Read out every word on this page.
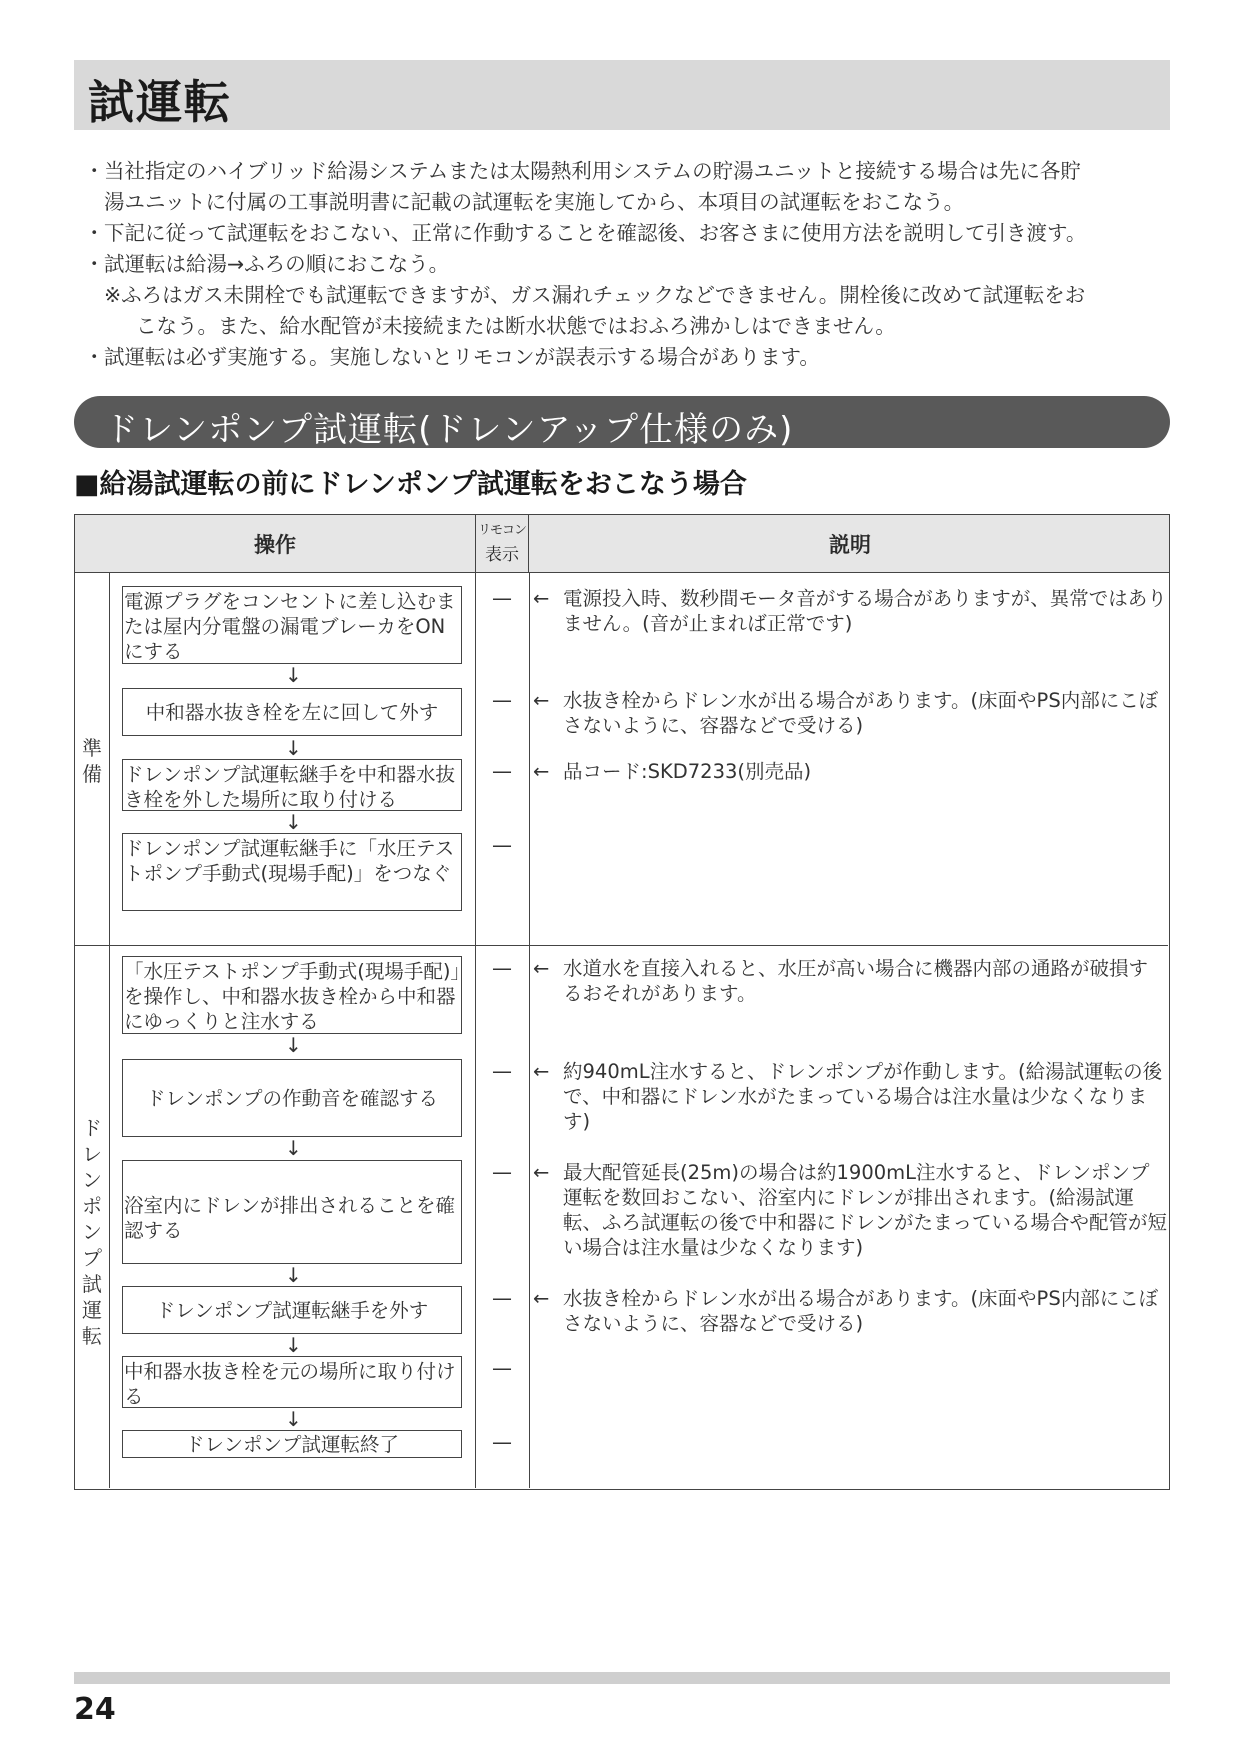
試運転
・ 当社指定のハイブリッド給湯システムまたは太陽熱利用システムの貯湯ユニットと接続する場合は先に各貯
湯ユニットに付属の工事説明書に記載の試運転を実施してから、本項目の試運転をおこなう。
・ 下記に従って試運転をおこない、正常に作動することを確認後、お客さまに使用方法を説明して引き渡す。
・ 試運転は給湯→ふろの順におこなう。
※ふろはガス未開栓でも試運転できますが、ガス漏れチェックなどできません。開栓後に改めて試運転をお
こなう。また、給水配管が未接続または断水状態ではおふろ沸かしはできません。
・ 試運転は必ず実施する。実施しないとリモコンが誤表示する場合があります。
ドレンポンプ試運転(ドレンアップ仕様のみ)
■給湯試運転の前にドレンポンプ試運転をおこなう場合
操作
リモコン
表示	説明
準備
ドレンポンプ試運転
電源プラグをコンセントに差し込むまたは屋内分電盤の漏電ブレーカをONにする
↓
中和器水抜き栓を左に回して外す
↓
ドレンポンプ試運転継手を中和器水抜き栓を外した場所に取り付ける
↓
ドレンポンプ試運転継手に「水圧テストポンプ手動式(現場手配)」をつなぐ
「水圧テストポンプ手動式(現場手配)」を操作し、中和器水抜き栓から中和器にゆっくりと注水する
↓
ドレンポンプの作動音を確認する
↓
浴室内にドレンが排出されることを確認する
↓
ドレンポンプ試運転継手を外す
↓
中和器水抜き栓を元の場所に取り付ける
↓
ドレンポンプ試運転終了
—
—
—
—
—
—
—
—
—
—
← 電源投入時、数秒間モータ音がする場合がありますが、異常ではありません。(音が止まれば正常です)
← 水抜き栓からドレン水が出る場合があります。(床面やPS内部にこぼさないように、容器などで受ける)
← 品コード:SKD7233(別売品)
← 水道水を直接入れると、水圧が高い場合に機器内部の通路が破損するおそれがあります。
← 約940mL注水すると、ドレンポンプが作動します。(給湯試運転の後で、中和器にドレン水がたまっている場合は注水量は少なくなります)
← 最大配管延長(25m)の場合は約1900mL注水すると、ドレンポンプ運転を数回おこない、浴室内にドレンが排出されます。(給湯試運転、ふろ試運転の後で中和器にドレンがたまっている場合や配管が短い場合は注水量は少なくなります)
← 水抜き栓からドレン水が出る場合があります。(床面やPS内部にこぼさないように、容器などで受ける)
24
